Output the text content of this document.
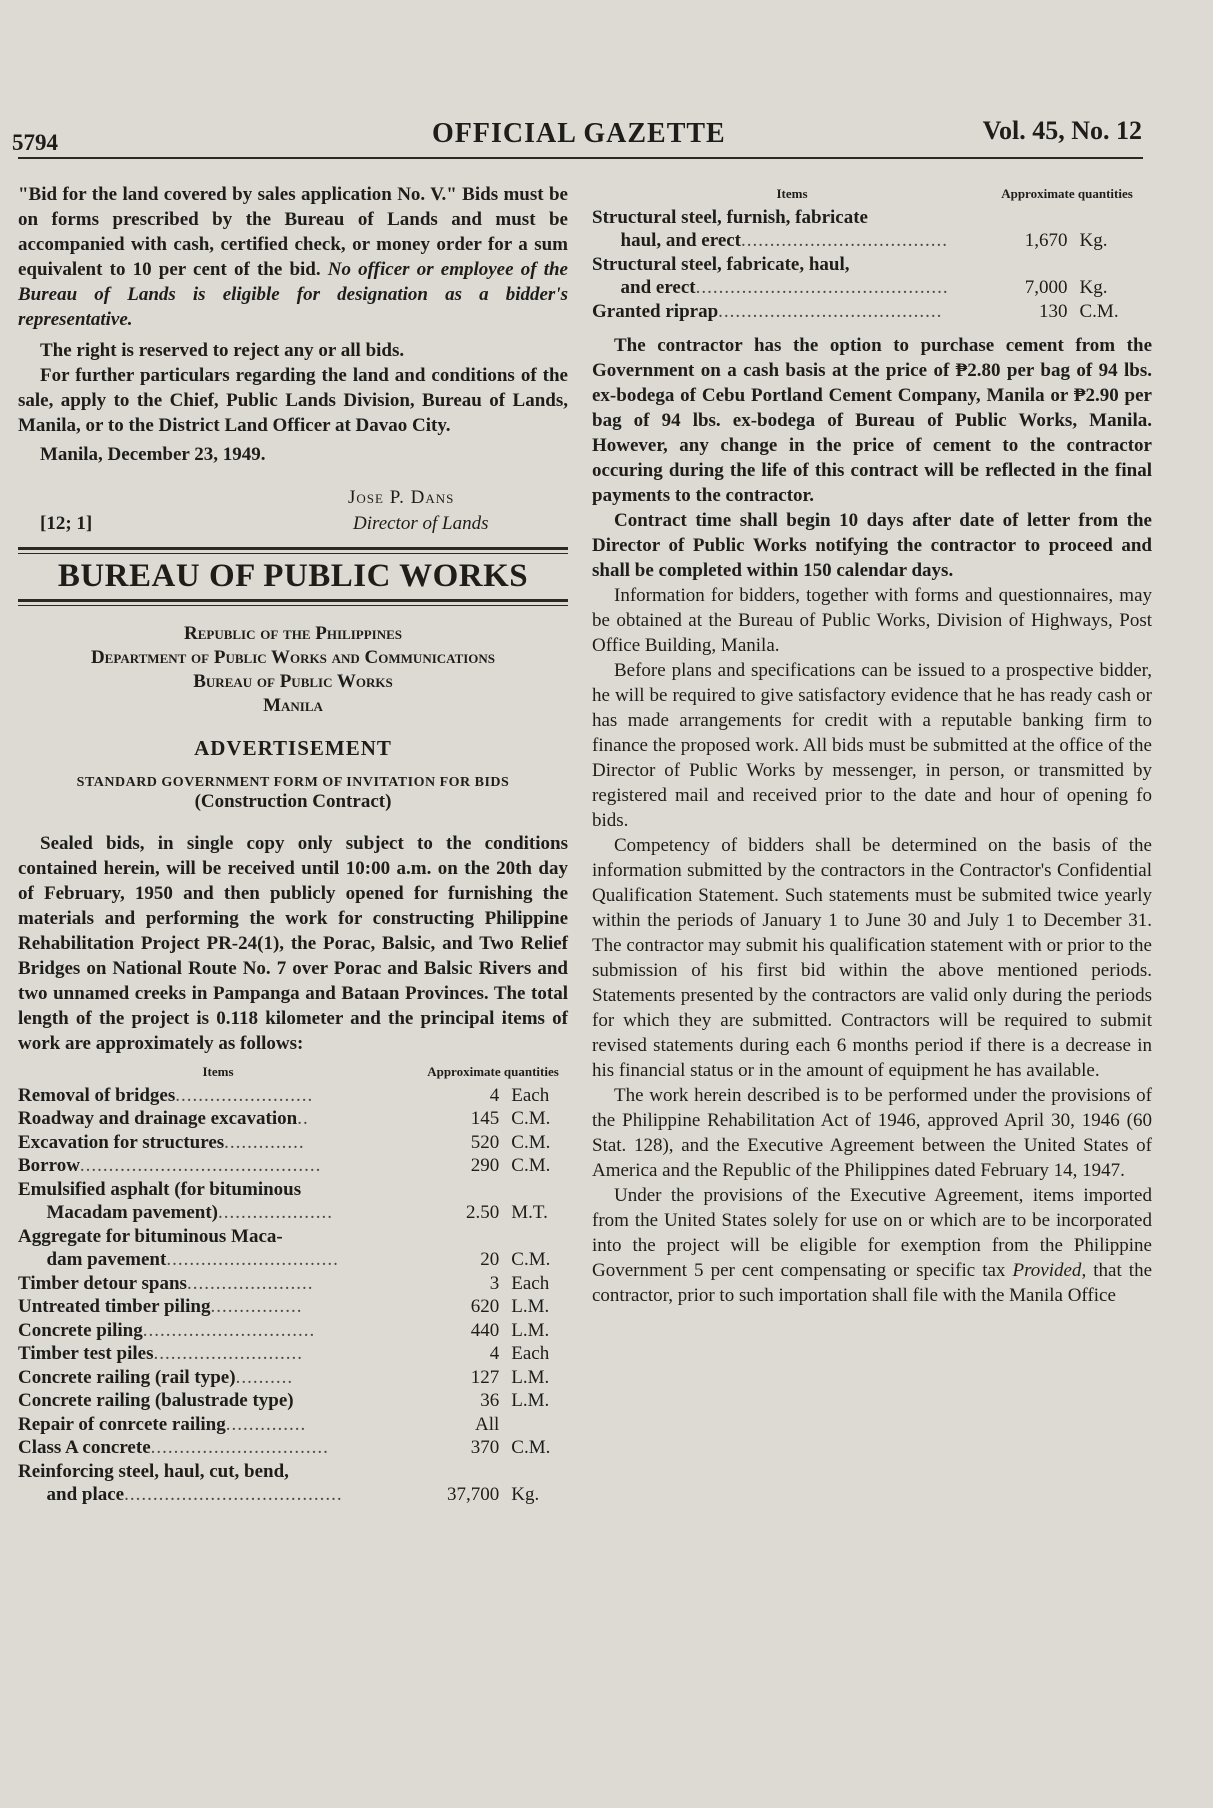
5794	OFFICIAL GAZETTE	Vol. 45, No. 12

"Bid for the land covered by sales application No. V." Bids must be on forms prescribed by the Bureau of Lands and must be accompanied with cash, certified check, or money order for a sum equivalent to 10 per cent of the bid. No officer or employee of the Bureau of Lands is eligible for designation as a bidder's representative.

The right is reserved to reject any or all bids.

For further particulars regarding the land and conditions of the sale, apply to the Chief, Public Lands Division, Bureau of Lands, Manila, or to the District Land Officer at Davao City.

Manila, December 23, 1949.

Jose P. Dans
Director of Lands
[12; 1]
BUREAU OF PUBLIC WORKS
Republic of the Philippines
Department of Public Works and Communications
Bureau of Public Works
Manila
ADVERTISEMENT
STANDARD GOVERNMENT FORM OF INVITATION FOR BIDS
(Construction Contract)

Sealed bids, in single copy only subject to the conditions contained herein, will be received until 10:00 a.m. on the 20th day of February, 1950 and then publicly opened for furnishing the materials and performing the work for constructing Philippine Rehabilitation Project PR-24(1), the Porac, Balsic, and Two Relief Bridges on National Route No. 7 over Porac and Balsic Rivers and two unnamed creeks in Pampanga and Bataan Provinces. The total length of the project is 0.118 kilometer and the principal items of work are approximately as follows:

Items	Approximate quantities	
Removal of bridges........................	4	Each
Roadway and drainage excavation..	145	C.M.
Excavation for structures..............	520	C.M.
Borrow..........................................	290	C.M.
Emulsified asphalt (for bituminous		
Macadam pavement)....................	2.50	M.T.
Aggregate for bituminous Maca-		
dam pavement..............................	20	C.M.
Timber detour spans......................	3	Each
Untreated timber piling................	620	L.M.
Concrete piling..............................	440	L.M.
Timber test piles..........................	4	Each
Concrete railing (rail type)..........	127	L.M.
Concrete railing (balustrade type)	36	L.M.
Repair of conrcete railing..............	All	
Class A concrete...............................	370	C.M.
Reinforcing steel, haul, cut, bend,		
and place......................................	37,700	Kg.
Items	Approximate quantities	
Structural steel, furnish, fabricate		
haul, and erect....................................	1,670	Kg.
Structural steel, fabricate, haul,		
and erect............................................	7,000	Kg.
Granted riprap.......................................	130	C.M.

The contractor has the option to purchase cement from the Government on a cash basis at the price of ₱2.80 per bag of 94 lbs. ex-bodega of Cebu Portland Cement Company, Manila or ₱2.90 per bag of 94 lbs. ex-bodega of Bureau of Public Works, Manila. However, any change in the price of cement to the contractor occuring during the life of this contract will be reflected in the final payments to the contractor.

Contract time shall begin 10 days after date of letter from the Director of Public Works notifying the contractor to proceed and shall be completed within 150 calendar days.

Information for bidders, together with forms and questionnaires, may be obtained at the Bureau of Public Works, Division of Highways, Post Office Building, Manila.

Before plans and specifications can be issued to a prospective bidder, he will be required to give satisfactory evidence that he has ready cash or has made arrangements for credit with a reputable banking firm to finance the proposed work. All bids must be submitted at the office of the Director of Public Works by messenger, in person, or transmitted by registered mail and received prior to the date and hour of opening fo bids.

Competency of bidders shall be determined on the basis of the information submitted by the contractors in the Contractor's Confidential Qualification Statement. Such statements must be submited twice yearly within the periods of January 1 to June 30 and July 1 to December 31. The contractor may submit his qualification statement with or prior to the submission of his first bid within the above mentioned periods. Statements presented by the contractors are valid only during the periods for which they are submitted. Contractors will be required to submit revised statements during each 6 months period if there is a decrease in his financial status or in the amount of equipment he has available.

The work herein described is to be performed under the provisions of the Philippine Rehabilitation Act of 1946, approved April 30, 1946 (60 Stat. 128), and the Executive Agreement between the United States of America and the Republic of the Philippines dated February 14, 1947.

Under the provisions of the Executive Agreement, items imported from the United States solely for use on or which are to be incorporated into the project will be eligible for exemption from the Philippine Government 5 per cent compensating or specific tax Provided, that the contractor, prior to such importation shall file with the Manila Office
